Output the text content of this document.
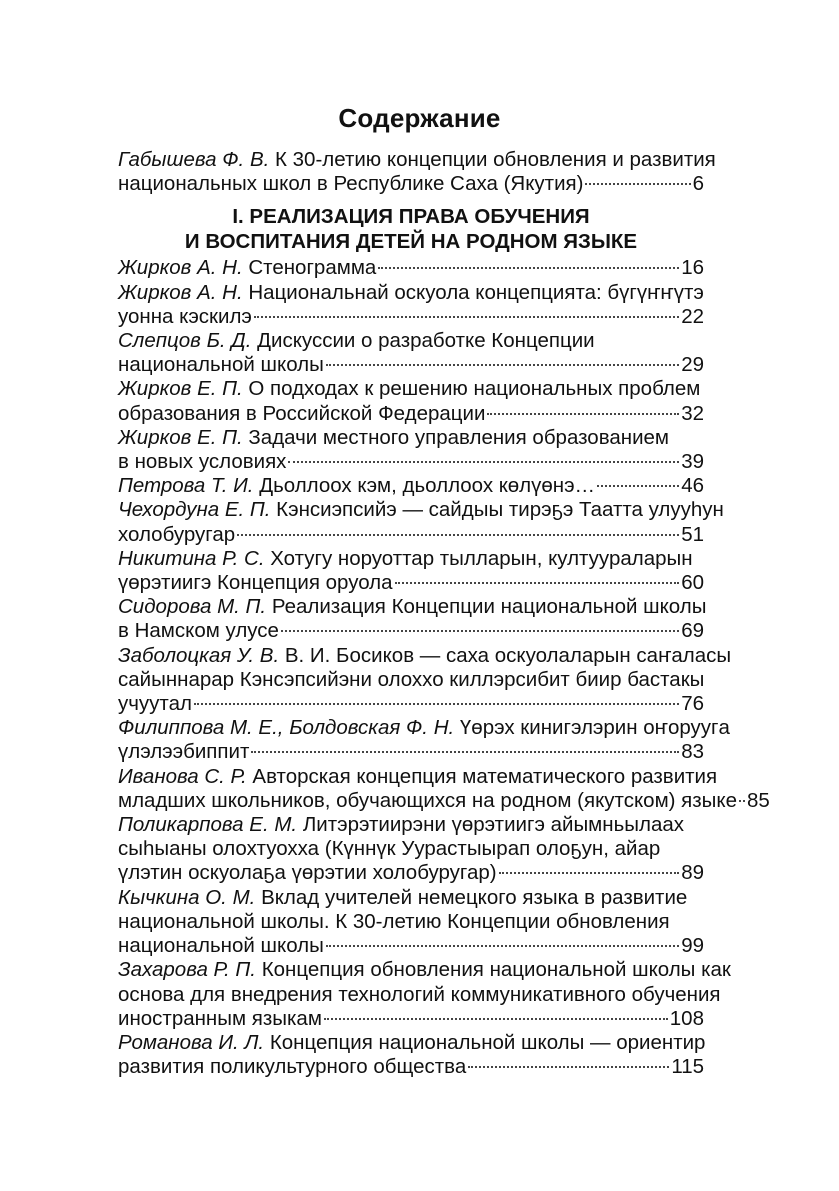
Содержание
Габышева Ф. В. К 30-летию концепции обновления и развития
национальных школ в Республике Саха (Якутия)	6
I. РЕАЛИЗАЦИЯ ПРАВА ОБУЧЕНИЯ
И ВОСПИТАНИЯ ДЕТЕЙ НА РОДНОМ ЯЗЫКЕ
Жирков А. Н. Стенограмма	16
Жирков А. Н. Национальнай оскуола концепцията: бүгүҥҥүтэ
уонна кэскилэ	22
Слепцов Б. Д. Дискуссии о разработке Концепции
национальной школы	29
Жирков Е. П. О подходах к решению национальных проблем
образования в Российской Федерации	32
Жирков Е. П. Задачи местного управления образованием
в новых условиях	39
Петрова Т. И. Дьоллоох кэм, дьоллоох көлүөнэ…	46
Чехордуна Е. П. Кэнсиэпсийэ — сайдыы тирэҕэ Таатта улууһун
холобуругар	51
Никитина Р. С. Хотугу норуоттар тылларын, култуураларын
үөрэтиигэ Концепция оруола	60
Сидорова М. П. Реализация Концепции национальной школы
в Намском улусе	69
Заболоцкая У. В. В. И. Босиков — саха оскуолаларын саҥаласы
сайыннарар Кэнсэпсийэни олоххо киллэрсибит биир бастакы
учуутал	76
Филиппова М. Е., Болдовская Ф. Н. Үөрэх кинигэлэрин оҥоруугa
үлэлээбиппит	83
Иванова С. Р. Авторская концепция математического развития
младших школьников, обучающихся на родном (якутском) языке 85
Поликарпова Е. М. Литэрэтиирэни үөрэтиигэ айымньылаах
сыһыаны олохтуохха (Күннүк Уурастыырап олоҕун, айар
үлэтин оскуолаҕа үөрэтии холобуругар)	89
Кычкина О. М. Вклад учителей немецкого языка в развитие
национальной школы. К 30-летию Концепции обновления
национальной школы	99
Захарова Р. П. Концепция обновления национальной школы как
основа для внедрения технологий коммуникативного обучения
иностранным языкам	108
Романова И. Л. Концепция национальной школы — ориентир
развития поликультурного общества	115
